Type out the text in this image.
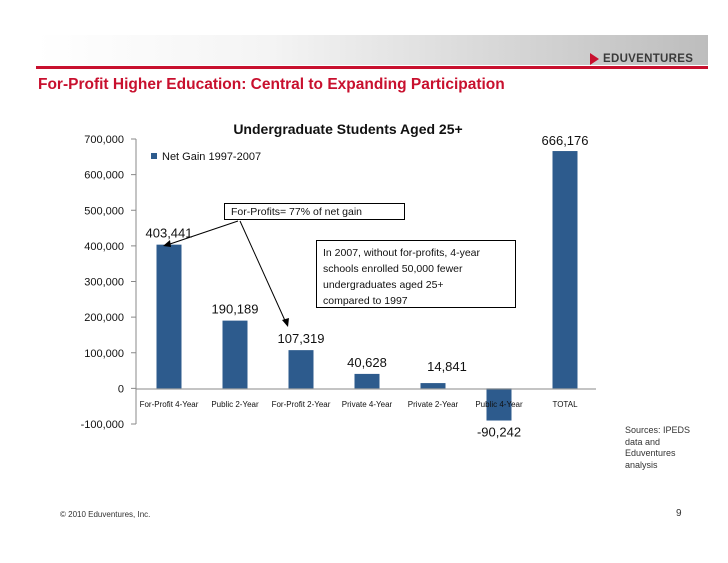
EDUVENTURES
For-Profit Higher Education: Central to Expanding Participation
Undergraduate Students Aged 25+
Net Gain 1997-2007
700,000
600,000
500,000
400,000
300,000
200,000
100,000
0
-100,000
For-Profit 4-Year Public 2-Year For-Profit 2-Year Private 4-Year Private 2-Year Public 4-Year	TOTAL
403,441
190,189
107,319
40,628	14,841
-90,242
666,176
For-Profits= 77% of net gain
In 2007, without for-profits, 4-year
schools enrolled 50,000 fewer
undergraduates aged 25+
compared to 1997
Sources: IPEDS
data and
Eduventures
analysis
© 2010 Eduventures, Inc.	9
